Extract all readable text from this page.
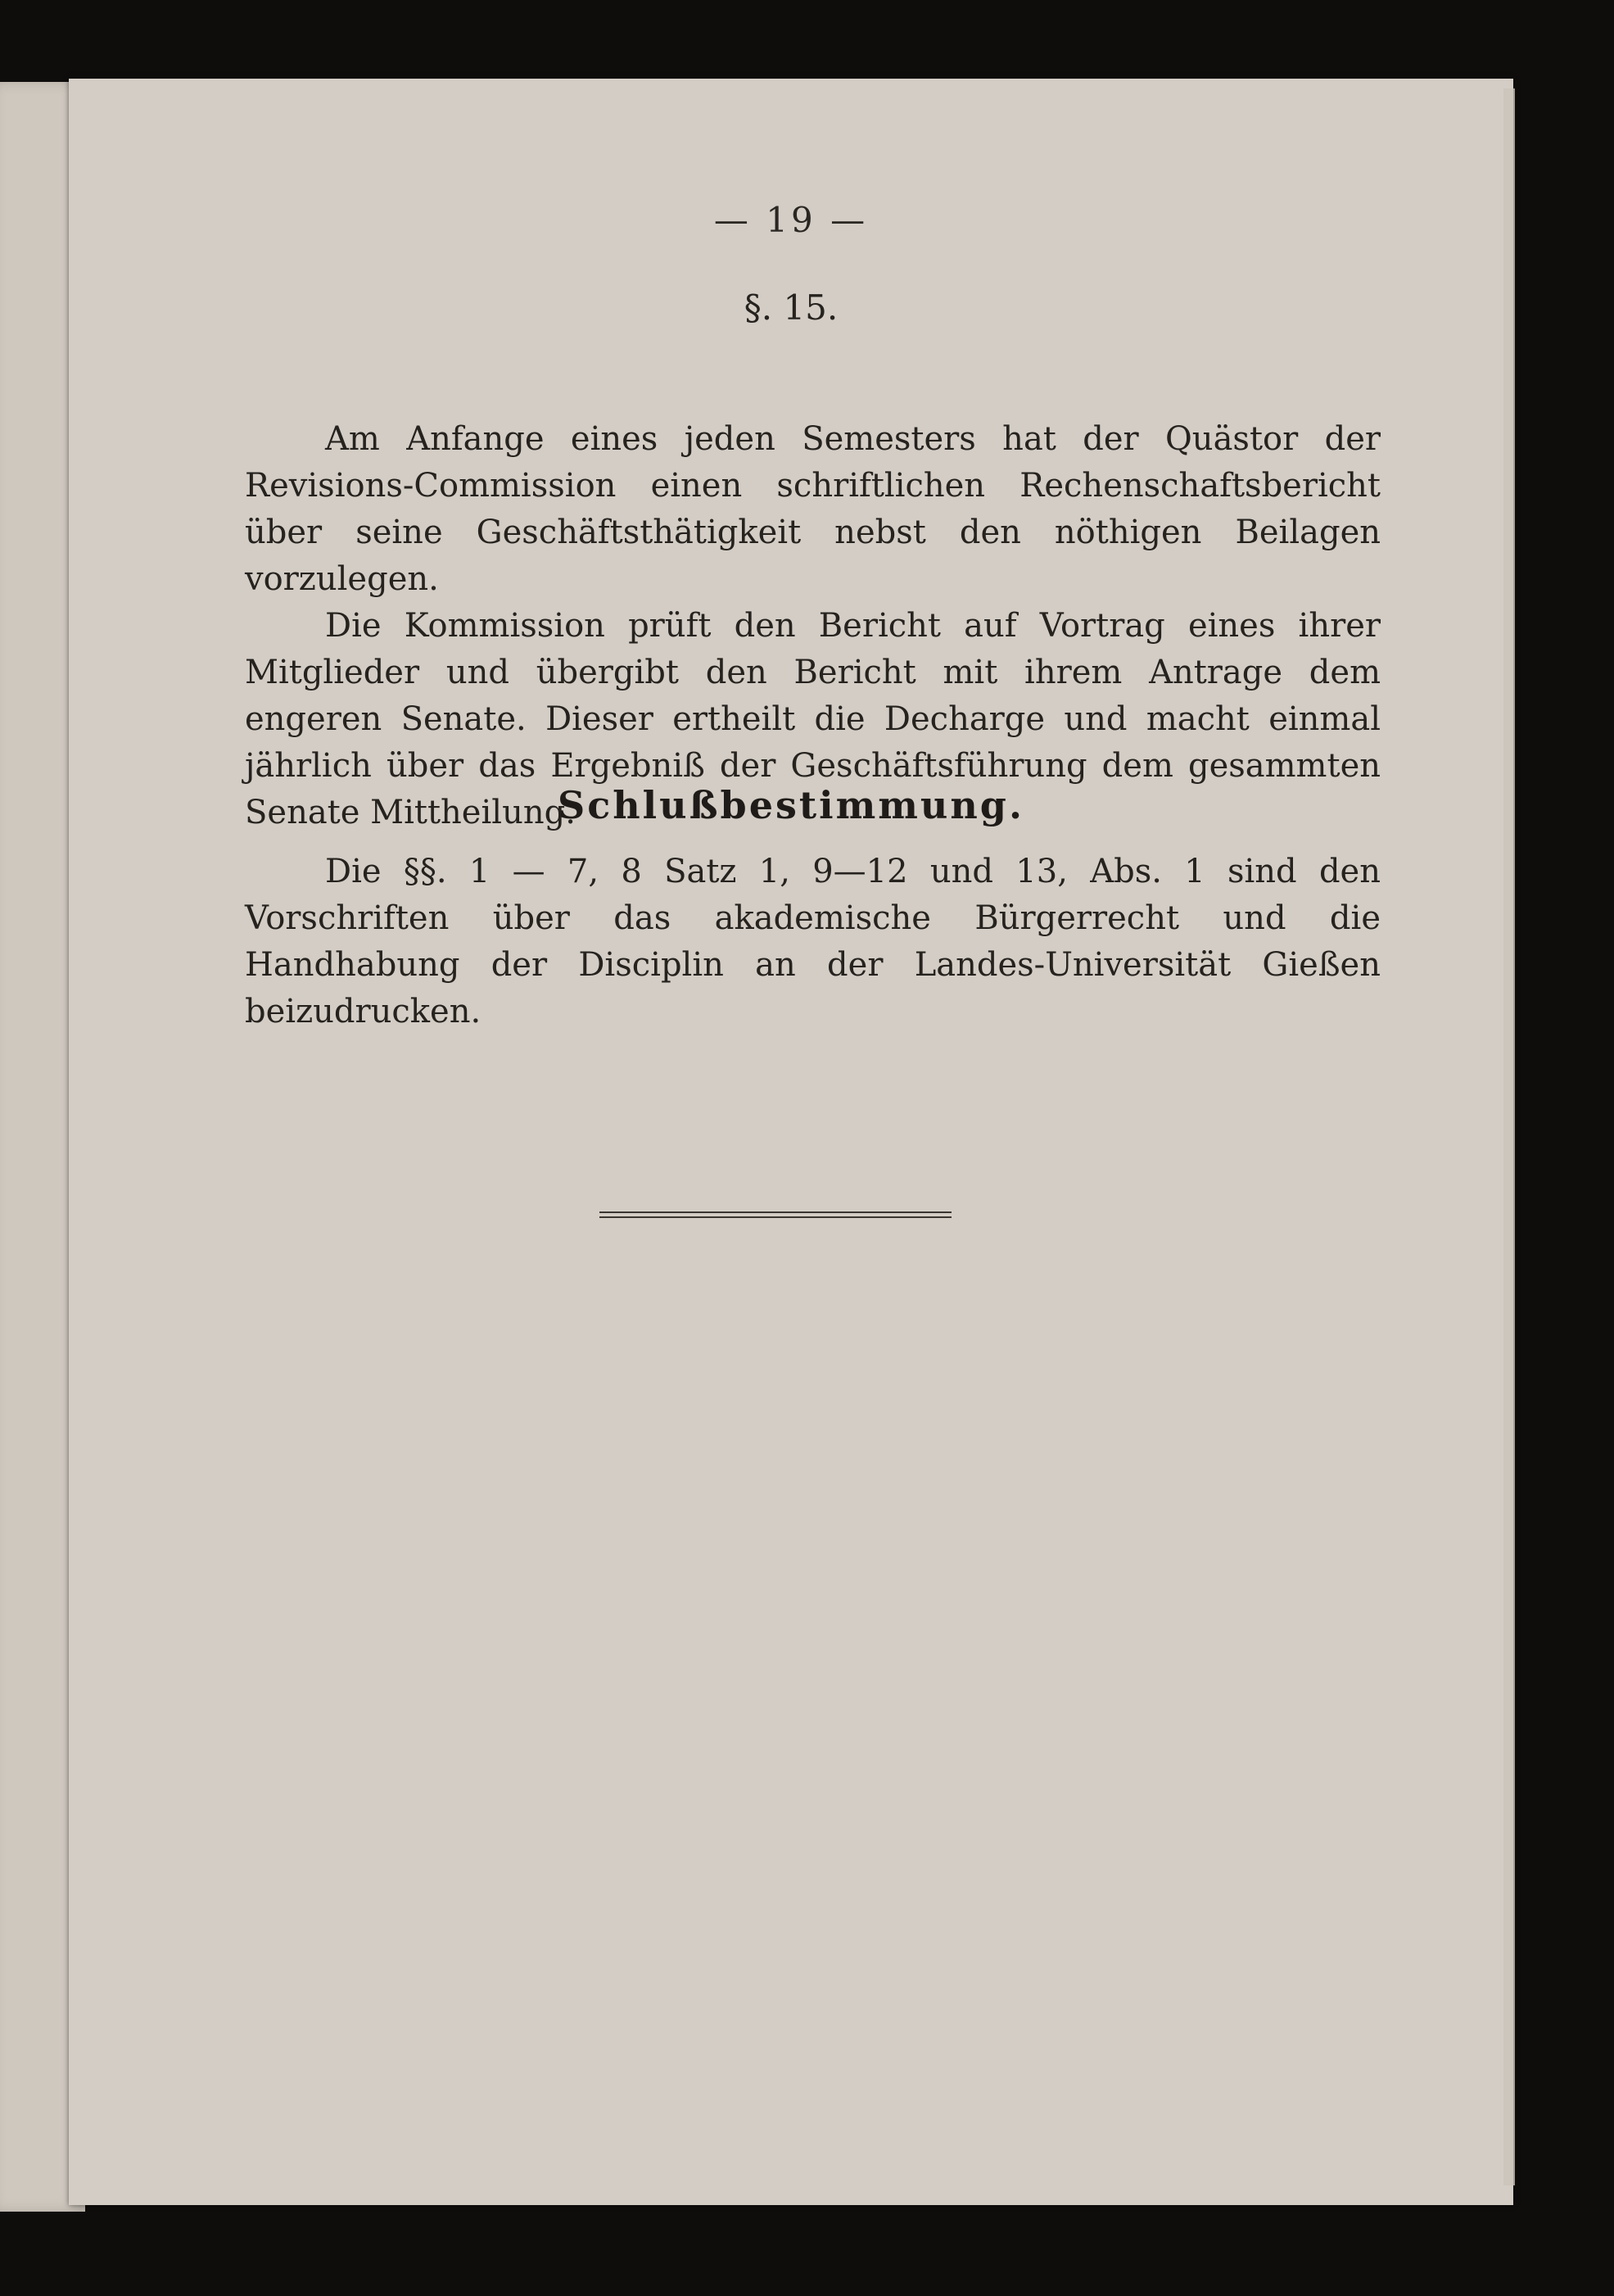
— 19 —
§. 15.

Am Anfange eines jeden Semesters hat der Quästor der Revisions-Commission einen schriftlichen Rechenschaftsbericht über seine Geschäftsthätigkeit nebst den nöthigen Beilagen vorzulegen.

Die Kommission prüft den Bericht auf Vortrag eines ihrer Mitglieder und übergibt den Bericht mit ihrem Antrage dem engeren Senate. Dieser ertheilt die Decharge und macht einmal jährlich über das Ergebniß der Geschäftsführung dem gesammten Senate Mittheilung.

Schlußbestimmung.

Die §§. 1 — 7, 8 Satz 1, 9—12 und 13, Abs. 1 sind den Vorschriften über das akademische Bürgerrecht und die Handhabung der Disciplin an der Landes-Universität Gießen beizudrucken.
